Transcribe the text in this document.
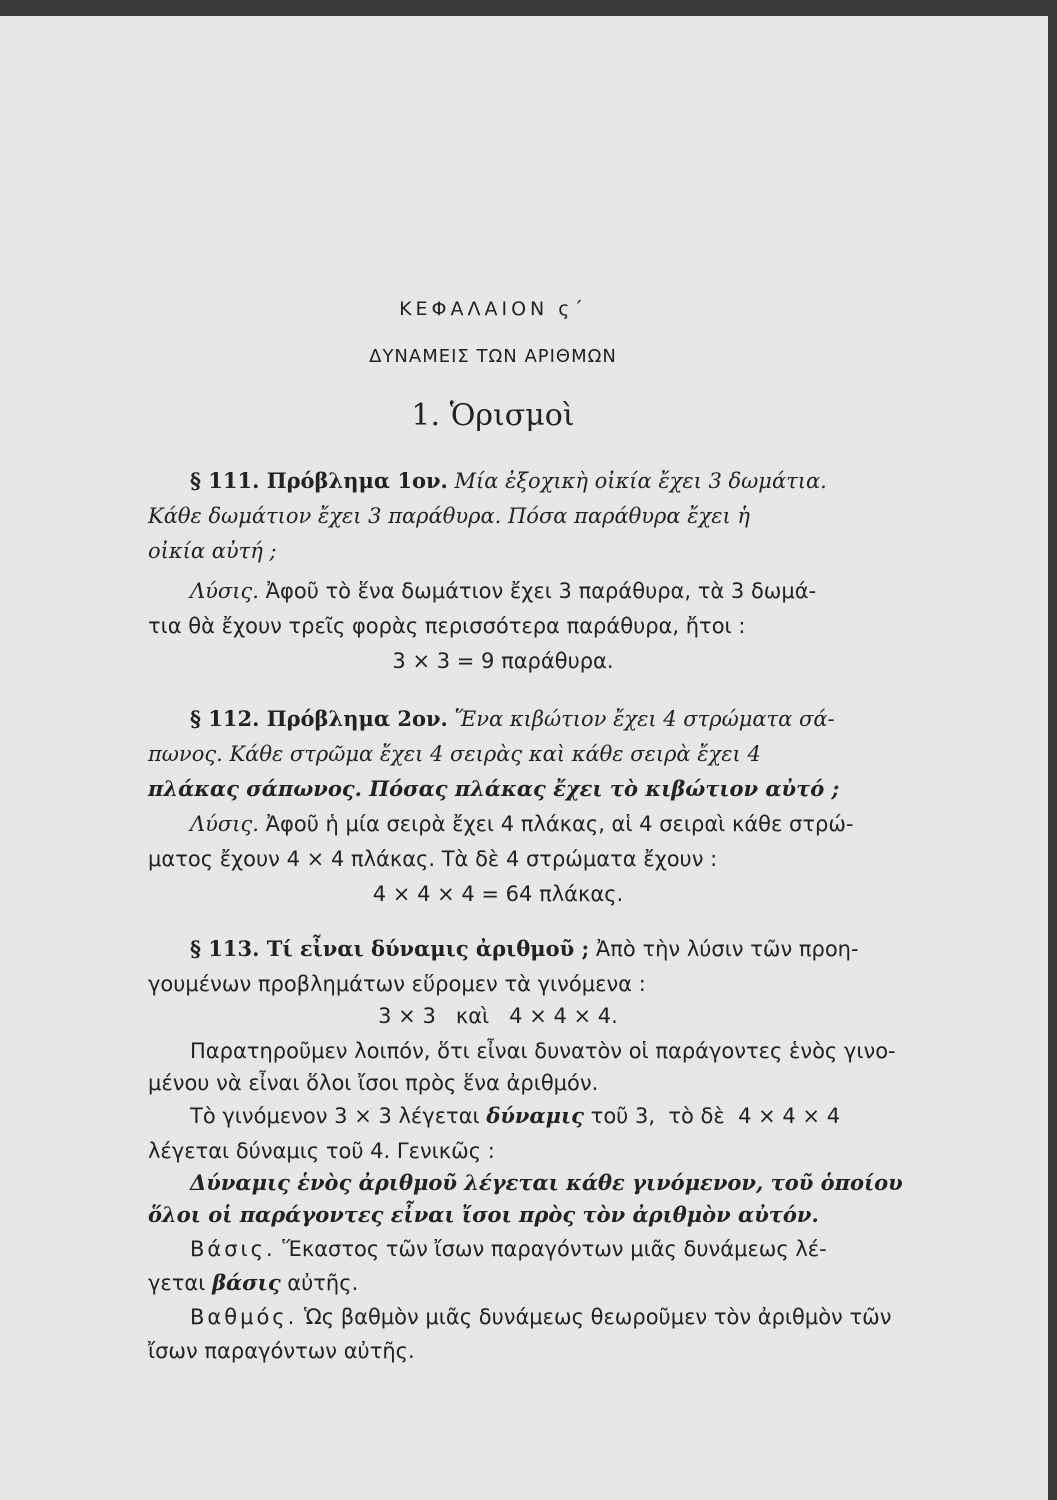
ΚΕΦΑΛΑΙΟΝ ς΄
ΔΥΝΑΜΕΙΣ ΤΩΝ ΑΡΙΘΜΩΝ
1. Ὁρισμοὶ
§ 111. Πρόβλημα 1ον. Μία ἐξοχικὴ οἰκία ἔχει 3 δωμάτια.
Κάθε δωμάτιον ἔχει 3 παράθυρα. Πόσα παράθυρα ἔχει ἡ
οἰκία αὐτή ;
Λύσις. Ἀφοῦ τὸ ἕνα δωμάτιον ἔχει 3 παράθυρα, τὰ 3 δωμά-
τια θὰ ἔχουν τρεῖς φορὰς περισσότερα παράθυρα, ἤτοι :
3 × 3 = 9 παράθυρα.
§ 112. Πρόβλημα 2ον. Ἕνα κιβώτιον ἔχει 4 στρώματα σά-
πωνος. Κάθε στρῶμα ἔχει 4 σειρὰς καὶ κάθε σειρὰ ἔχει 4
πλάκας σάπωνος. Πόσας πλάκας ἔχει τὸ κιβώτιον αὐτό ;
Λύσις. Ἀφοῦ ἡ μία σειρὰ ἔχει 4 πλάκας, αἱ 4 σειραὶ κάθε στρώ-
ματος ἔχουν 4 × 4 πλάκας. Τὰ δὲ 4 στρώματα ἔχουν :
4 × 4 × 4 = 64 πλάκας.
§ 113. Τί εἶναι δύναμις ἀριθμοῦ ; Ἀπὸ τὴν λύσιν τῶν προη-
γουμένων προβλημάτων εὕρομεν τὰ γινόμενα :
3 × 3   καὶ   4 × 4 × 4.
Παρατηροῦμεν λοιπόν, ὅτι εἶναι δυνατὸν οἱ παράγοντες ἑνὸς γινο-
μένου νὰ εἶναι ὅλοι ἴσοι πρὸς ἕνα ἀριθμόν.
Τὸ γινόμενον 3 × 3 λέγεται δύναμις τοῦ 3,  τὸ δὲ  4 × 4 × 4
λέγεται δύναμις τοῦ 4. Γενικῶς :
Δύναμις ἑνὸς ἀριθμοῦ λέγεται κάθε γινόμενον, τοῦ ὁποίου
ὅλοι οἱ παράγοντες εἶναι ἴσοι πρὸς τὸν ἀριθμὸν αὐτόν.
Βάσις. Ἕκαστος τῶν ἴσων παραγόντων μιᾶς δυνάμεως λέ-
γεται βάσις αὐτῆς.
Βαθμός. Ὡς βαθμὸν μιᾶς δυνάμεως θεωροῦμεν τὸν ἀριθμὸν τῶν
ἴσων παραγόντων αὐτῆς.
